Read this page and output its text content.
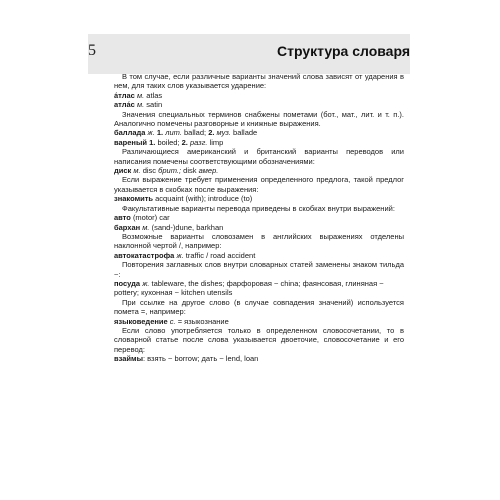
5	Структура словаря

В том случае, если различные варианты значений слова зависят от ударения в нем, для таких слов указывается ударение:

а́тлас м. atlas

атла́с м. satin

Значения специальных терминов снабжены пометами (бот., мат., лит. и т. п.). Аналогично помечены разговорные и книжные выражения.

баллада ж. 1. лит. ballad; 2. муз. ballade

вареный 1. boiled; 2. разг. limp

Различающиеся американский и британский варианты переводов или написания помечены соответствующими обозначениями:

диск м. disc брит.; disk амер.

Если выражение требует применения определенного предлога, такой предлог указывается в скобках после выражения:

знакомить acquaint (with); introduce (to)

Факультативные варианты перевода приведены в скобках внутри выражений:

авто (motor) car

бархан м. (sand-)dune, barkhan

Возможные варианты словозамен в английских выражениях отделены наклонной чертой /, например:

автокатастрофа ж. traffic / road accident

Повторения заглавных слов внутри словарных статей заменены знаком тильда ~:

посуда ж. tableware, the dishes; фарфоровая ~ china; фаянсовая, глиняная ~ pottery; кухонная ~ kitchen utensils

При ссылке на другое слово (в случае совпадения значений) используется помета =, например:

языковедение с. = языкознание

Если слово употребляется только в определенном словосочетании, то в словарной статье после слова указывается двоеточие, словосочетание и его перевод:

взаймы: взять ~ borrow; дать ~ lend, loan
